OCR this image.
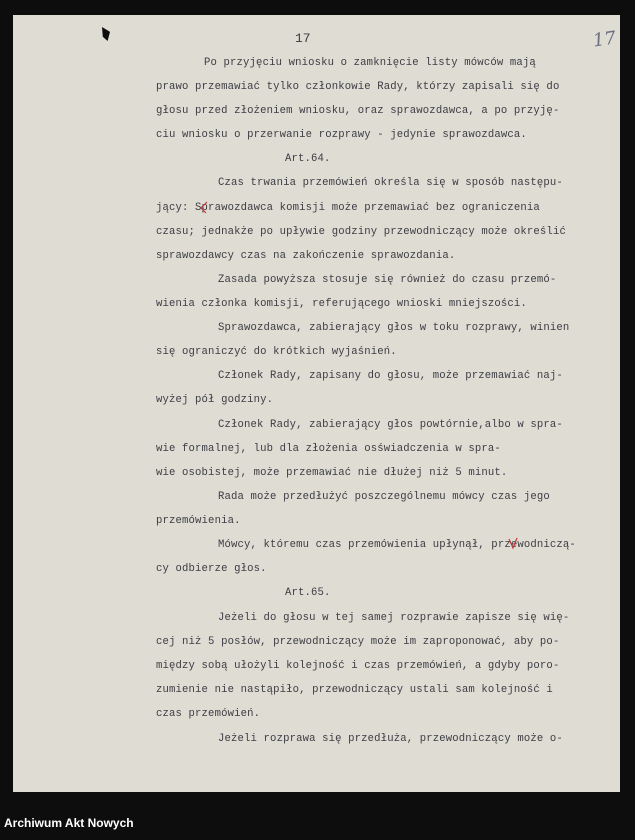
17	17
Po przyjęciu wniosku o zamknięcie listy mówców mają
prawo przemawiać tylko członkowie Rady, którzy zapisali się do
głosu przed złożeniem wniosku, oraz sprawozdawca, a po przyję-
ciu wniosku o przerwanie rozprawy - jedynie sprawozdawca.
Art.64.
Czas trwania przemówień określa się w sposób następu-
jący: Sprawozdawca komisji może przemawiać bez ograniczenia
czasu; jednakże po upływie godziny przewodniczący może określić
sprawozdawcy czas na zakończenie sprawozdania.
Zasada powyższa stosuje się również do czasu przemó-
wienia członka komisji, referującego wnioski mniejszości.
Sprawozdawca, zabierający głos w toku rozprawy, winien
się ograniczyć do krótkich wyjaśnień.
Członek Rady, zapisany do głosu, może przemawiać naj-
wyżej pół godziny.
Członek Rady, zabierający głos powtórnie,albo w spra-
wie formalnej, lub dla złożenia osświadczenia w spra-
wie osobistej, może przemawiać nie dłużej niż 5 minut.
Rada może przedłużyć poszczególnemu mówcy czas jego
przemówienia.
Mówcy, któremu czas przemówienia upłynął, przewodniczą-
cy odbierze głos.
Art.65.
Jeżeli do głosu w tej samej rozprawie zapisze się wię-
cej niż 5 posłów, przewodniczący może im zaproponować, aby po-
między sobą ułożyli kolejność i czas przemówień, a gdyby poro-
zumienie nie nastąpiło, przewodniczący ustali sam kolejność i
czas przemówień.
Jeżeli rozprawa się przedłuża, przewodniczący może o-
Archiwum Akt Nowych
